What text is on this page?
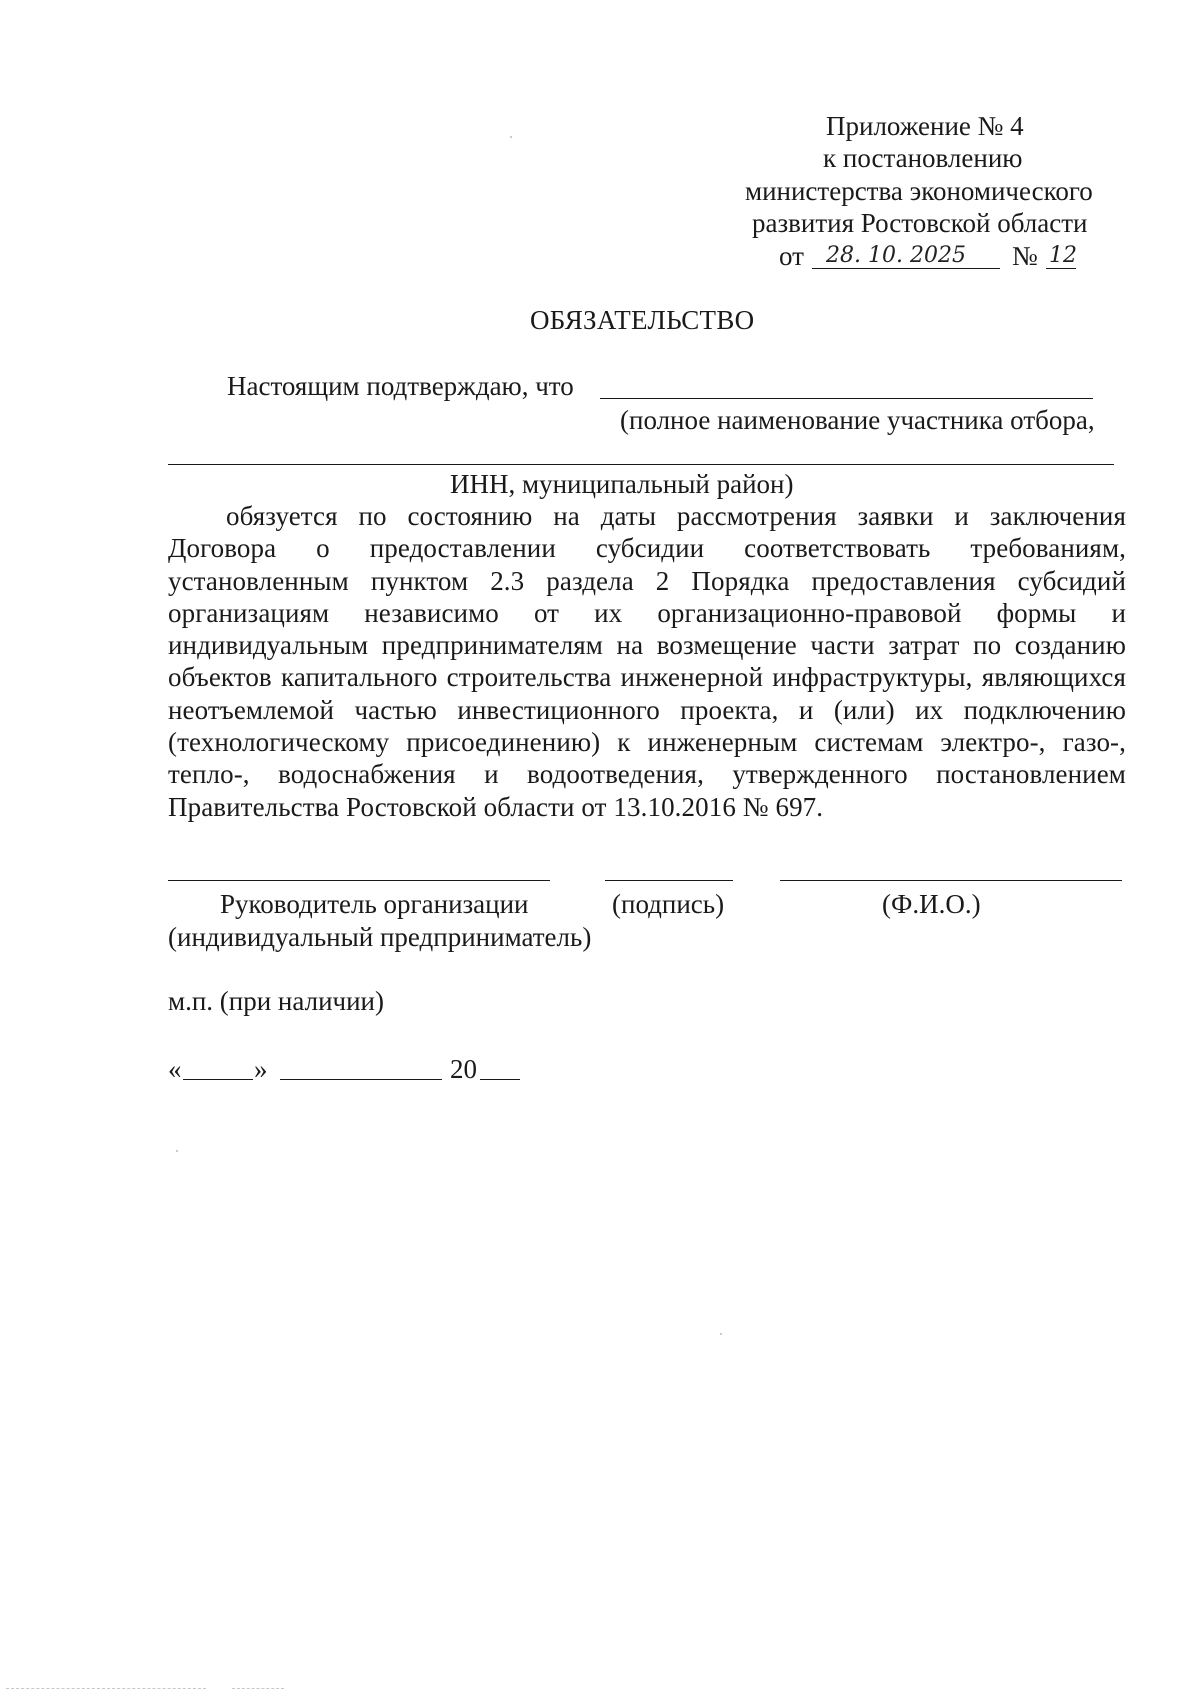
Приложение № 4
к постановлению
министерства экономического
развития Ростовской области
от 28. 10. 2025 № 12
ОБЯЗАТЕЛЬСТВО
Настоящим подтверждаю, что
(полное наименование участника отбора,
ИНН, муниципальный район)
обязуется по состоянию на даты рассмотрения заявки и заключения Договора о предоставлении субсидии соответствовать требованиям, установленным пунктом 2.3 раздела 2 Порядка предоставления субсидий организациям независимо от их организационно-правовой формы и индивидуальным предпринимателям на возмещение части затрат по созданию объектов капитального строительства инженерной инфраструктуры, являющихся неотъемлемой частью инвестиционного проекта, и (или) их подключению (технологическому присоединению) к инженерным системам электро-, газо-, тепло-, водоснабжения и водоотведения, утвержденного постановлением Правительства Ростовской области от 13.10.2016 № 697.
Руководитель организации	(подпись)	(Ф.И.О.)
(индивидуальный предприниматель)
м.п. (при наличии)
«	»	20
